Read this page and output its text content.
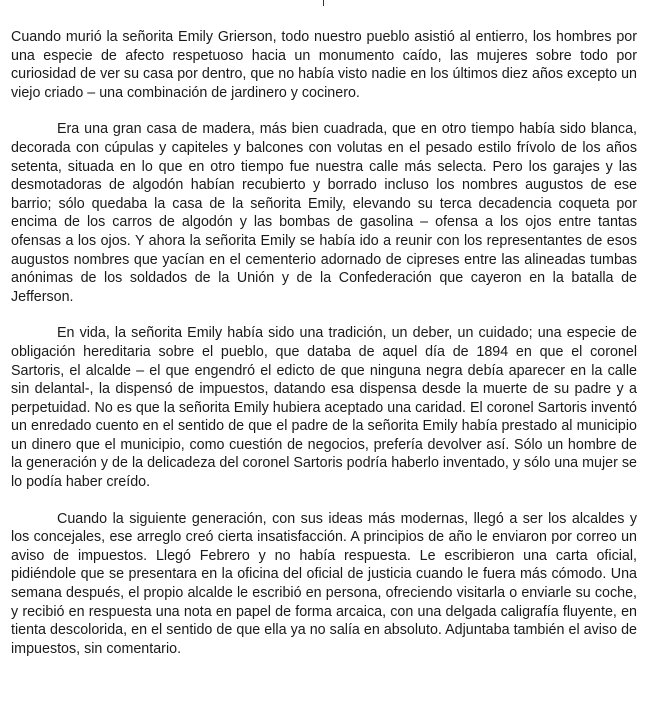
Cuando murió la señorita Emily Grierson, todo nuestro pueblo asistió al entierro, los hombres por una especie de afecto respetuoso hacia un monumento caído, las mujeres sobre todo por curiosidad de ver su casa por dentro, que no había visto nadie en los últimos diez años excepto un viejo criado – una combinación de jardinero y cocinero.

Era una gran casa de madera, más bien cuadrada, que en otro tiempo había sido blanca, decorada con cúpulas y capiteles y balcones con volutas en el pesado estilo frívolo de los años setenta, situada en lo que en otro tiempo fue nuestra calle más selecta. Pero los garajes y las desmotadoras de algodón habían recubierto y borrado incluso los nombres augustos de ese barrio; sólo quedaba la casa de la señorita Emily, elevando su terca decadencia coqueta por encima de los carros de algodón y las bombas de gasolina – ofensa a los ojos entre tantas ofensas a los ojos. Y ahora la señorita Emily se había ido a reunir con los representantes de esos augustos nombres que yacían en el cementerio adornado de cipreses entre las alineadas tumbas anónimas de los soldados de la Unión y de la Confederación que cayeron en la batalla de Jefferson.

En vida, la señorita Emily había sido una tradición, un deber, un cuidado; una especie de obligación hereditaria sobre el pueblo, que databa de aquel día de 1894 en que el coronel Sartoris, el alcalde – el que engendró el edicto de que ninguna negra debía aparecer en la calle sin delantal-, la dispensó de impuestos, datando esa dispensa desde la muerte de su padre y a perpetuidad. No es que la señorita Emily hubiera aceptado una caridad. El coronel Sartoris inventó un enredado cuento en el sentido de que el padre de la señorita Emily había prestado al municipio un dinero que el municipio, como cuestión de negocios, prefería devolver así. Sólo un hombre de la generación y de la delicadeza del coronel Sartoris podría haberlo inventado, y sólo una mujer se lo podía haber creído.

Cuando la siguiente generación, con sus ideas más modernas, llegó a ser los alcaldes y los concejales, ese arreglo creó cierta insatisfacción. A principios de año le enviaron por correo un aviso de impuestos. Llegó Febrero y no había respuesta. Le escribieron una carta oficial, pidiéndole que se presentara en la oficina del oficial de justicia cuando le fuera más cómodo. Una semana después, el propio alcalde le escribió en persona, ofreciendo visitarla o enviarle su coche, y recibió en respuesta una nota en papel de forma arcaica, con una delgada caligrafía fluyente, en tienta descolorida, en el sentido de que ella ya no salía en absoluto. Adjuntaba también el aviso de impuestos, sin comentario.
